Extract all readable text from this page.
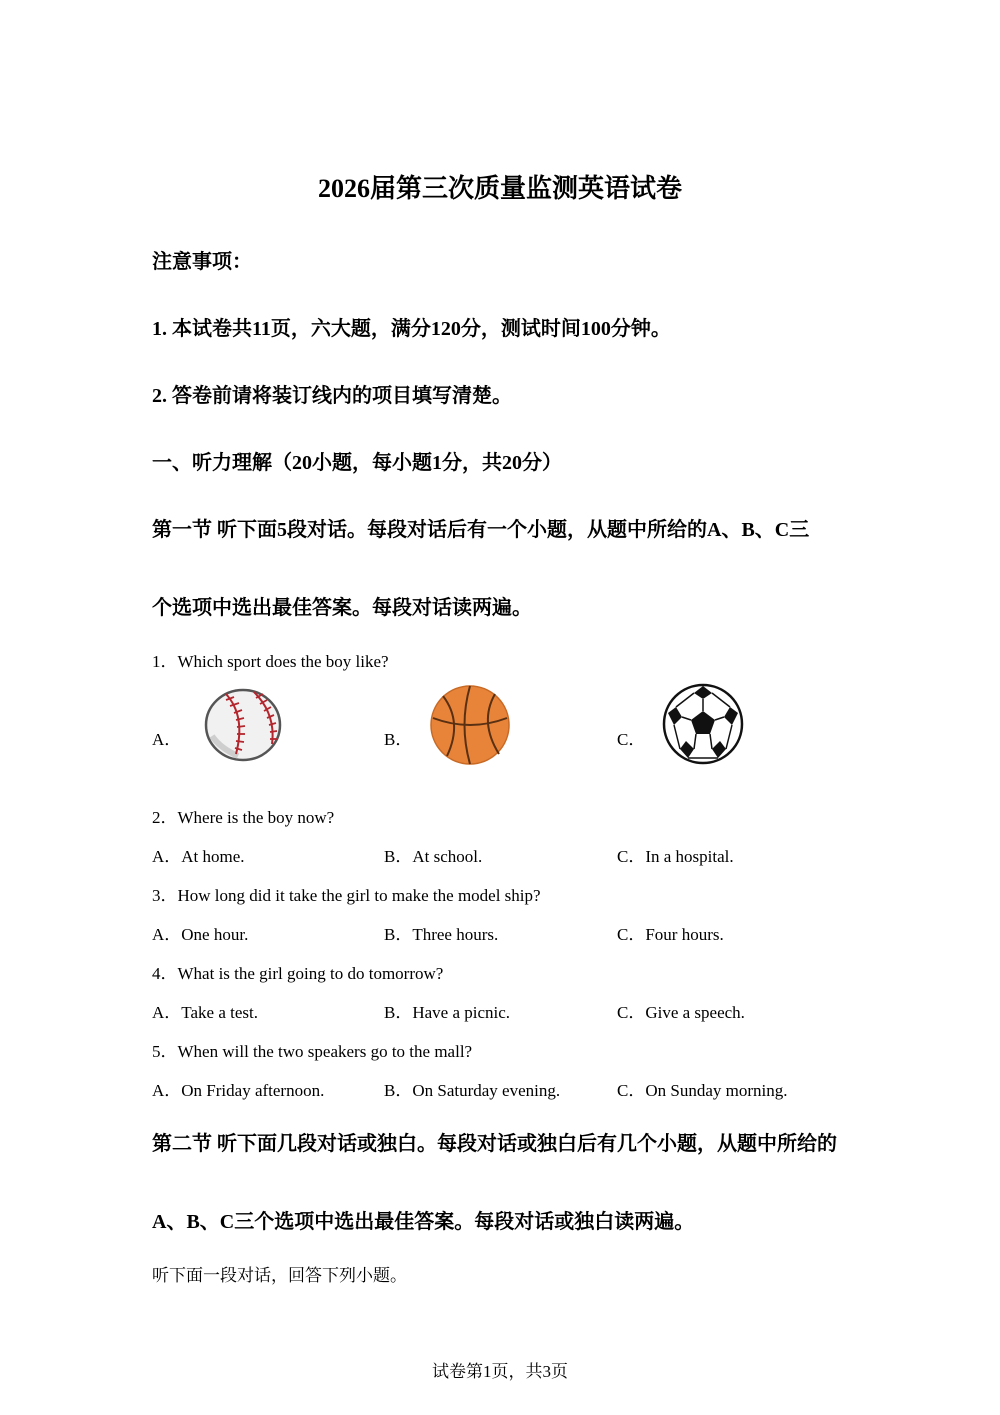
2026届第三次质量监测英语试卷
注意事项：
1. 本试卷共11页，六大题，满分120分，测试时间100分钟。
2. 答卷前请将装订线内的项目填写清楚。
一、听力理解（20小题，每小题1分，共20分）
第一节 听下面5段对话。每段对话后有一个小题，从题中所给的A、B、C三
个选项中选出最佳答案。每段对话读两遍。
1．Which sport does the boy like?
A．	B．	C．
2．Where is the boy now?
A．At home.	B．At school.	C．In a hospital.
3．How long did it take the girl to make the model ship?
A．One hour.	B．Three hours.	C．Four hours.
4．What is the girl going to do tomorrow?
A．Take a test.	B．Have a picnic.	C．Give a speech.
5．When will the two speakers go to the mall?
A．On Friday afternoon.	B．On Saturday evening.	C．On Sunday morning.
第二节 听下面几段对话或独白。每段对话或独白后有几个小题，从题中所给的
A、B、C三个选项中选出最佳答案。每段对话或独白读两遍。
听下面一段对话，回答下列小题。
试卷第1页，共3页
